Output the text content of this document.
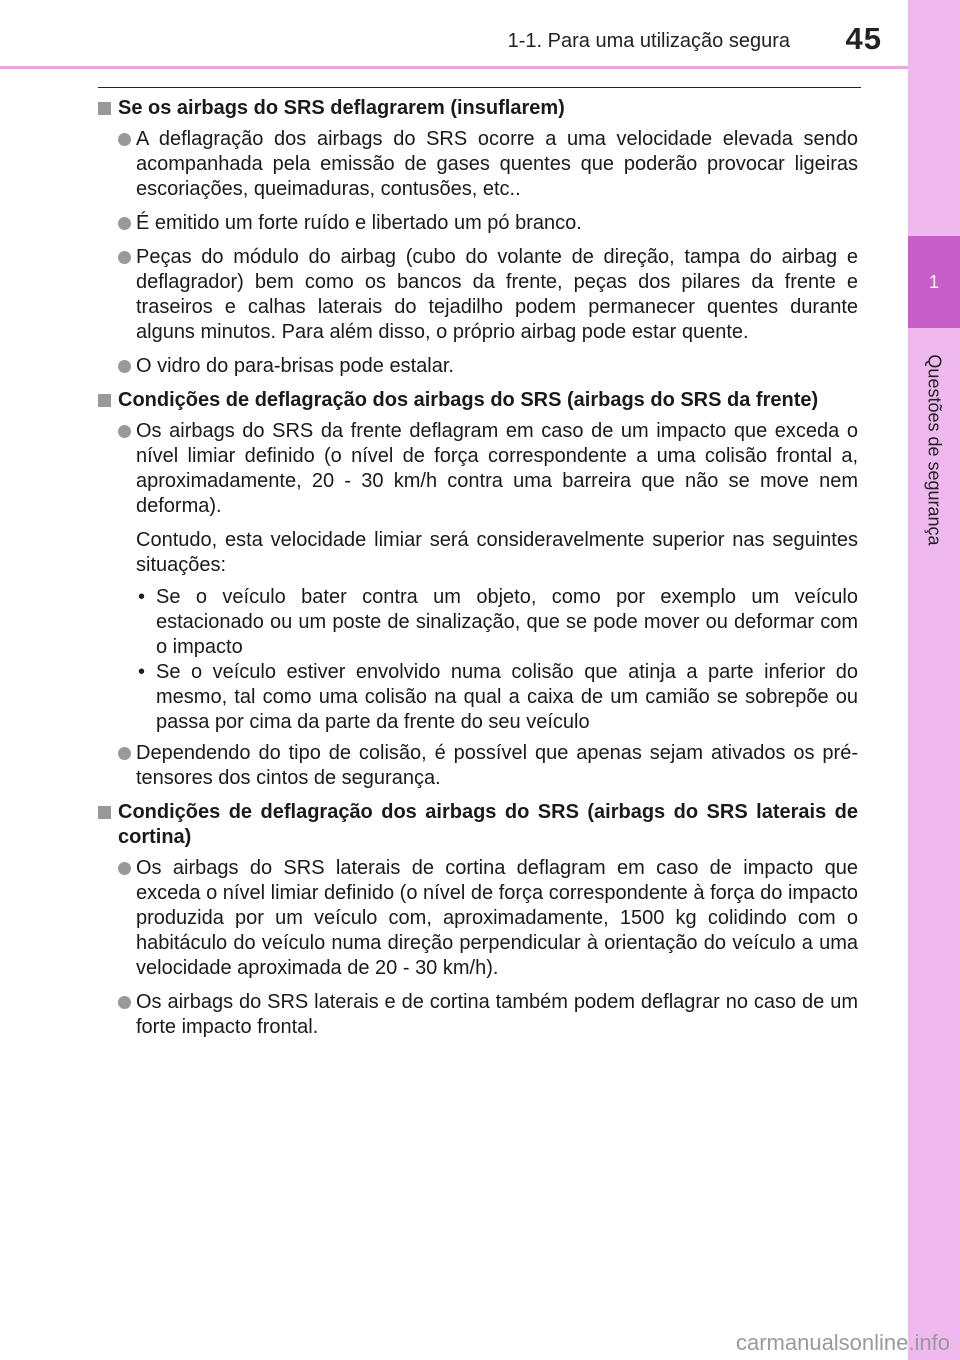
1-1. Para uma utilização segura 45
1
Questões de segurança
Se os airbags do SRS deflagrarem (insuflarem)
A deflagração dos airbags do SRS ocorre a uma velocidade elevada sendo acompanhada pela emissão de gases quentes que poderão provocar ligeiras escoriações, queimaduras, contusões, etc..
É emitido um forte ruído e libertado um pó branco.
Peças do módulo do airbag (cubo do volante de direção, tampa do airbag e deflagrador) bem como os bancos da frente, peças dos pilares da frente e traseiros e calhas laterais do tejadilho podem permanecer quentes durante alguns minutos. Para além disso, o próprio airbag pode estar quente.
O vidro do para-brisas pode estalar.
Condições de deflagração dos airbags do SRS (airbags do SRS da frente)
Os airbags do SRS da frente deflagram em caso de um impacto que exceda o nível limiar definido (o nível de força correspondente a uma colisão frontal a, aproximadamente, 20 - 30 km/h contra uma barreira que não se move nem deforma).
Contudo, esta velocidade limiar será consideravelmente superior nas seguintes situações:
• Se o veículo bater contra um objeto, como por exemplo um veículo estacionado ou um poste de sinalização, que se pode mover ou deformar com o impacto
• Se o veículo estiver envolvido numa colisão que atinja a parte inferior do mesmo, tal como uma colisão na qual a caixa de um camião se sobrepõe ou passa por cima da parte da frente do seu veículo
Dependendo do tipo de colisão, é possível que apenas sejam ativados os pré-tensores dos cintos de segurança.
Condições de deflagração dos airbags do SRS (airbags do SRS laterais de cortina)
Os airbags do SRS laterais de cortina deflagram em caso de impacto que exceda o nível limiar definido (o nível de força correspondente à força do impacto produzida por um veículo com, aproximadamente, 1500 kg colidindo com o habitáculo do veículo numa direção perpendicular à orientação do veículo a uma velocidade aproximada de 20 - 30 km/h).
Os airbags do SRS laterais e de cortina também podem deflagrar no caso de um forte impacto frontal.
carmanualsonline.info
